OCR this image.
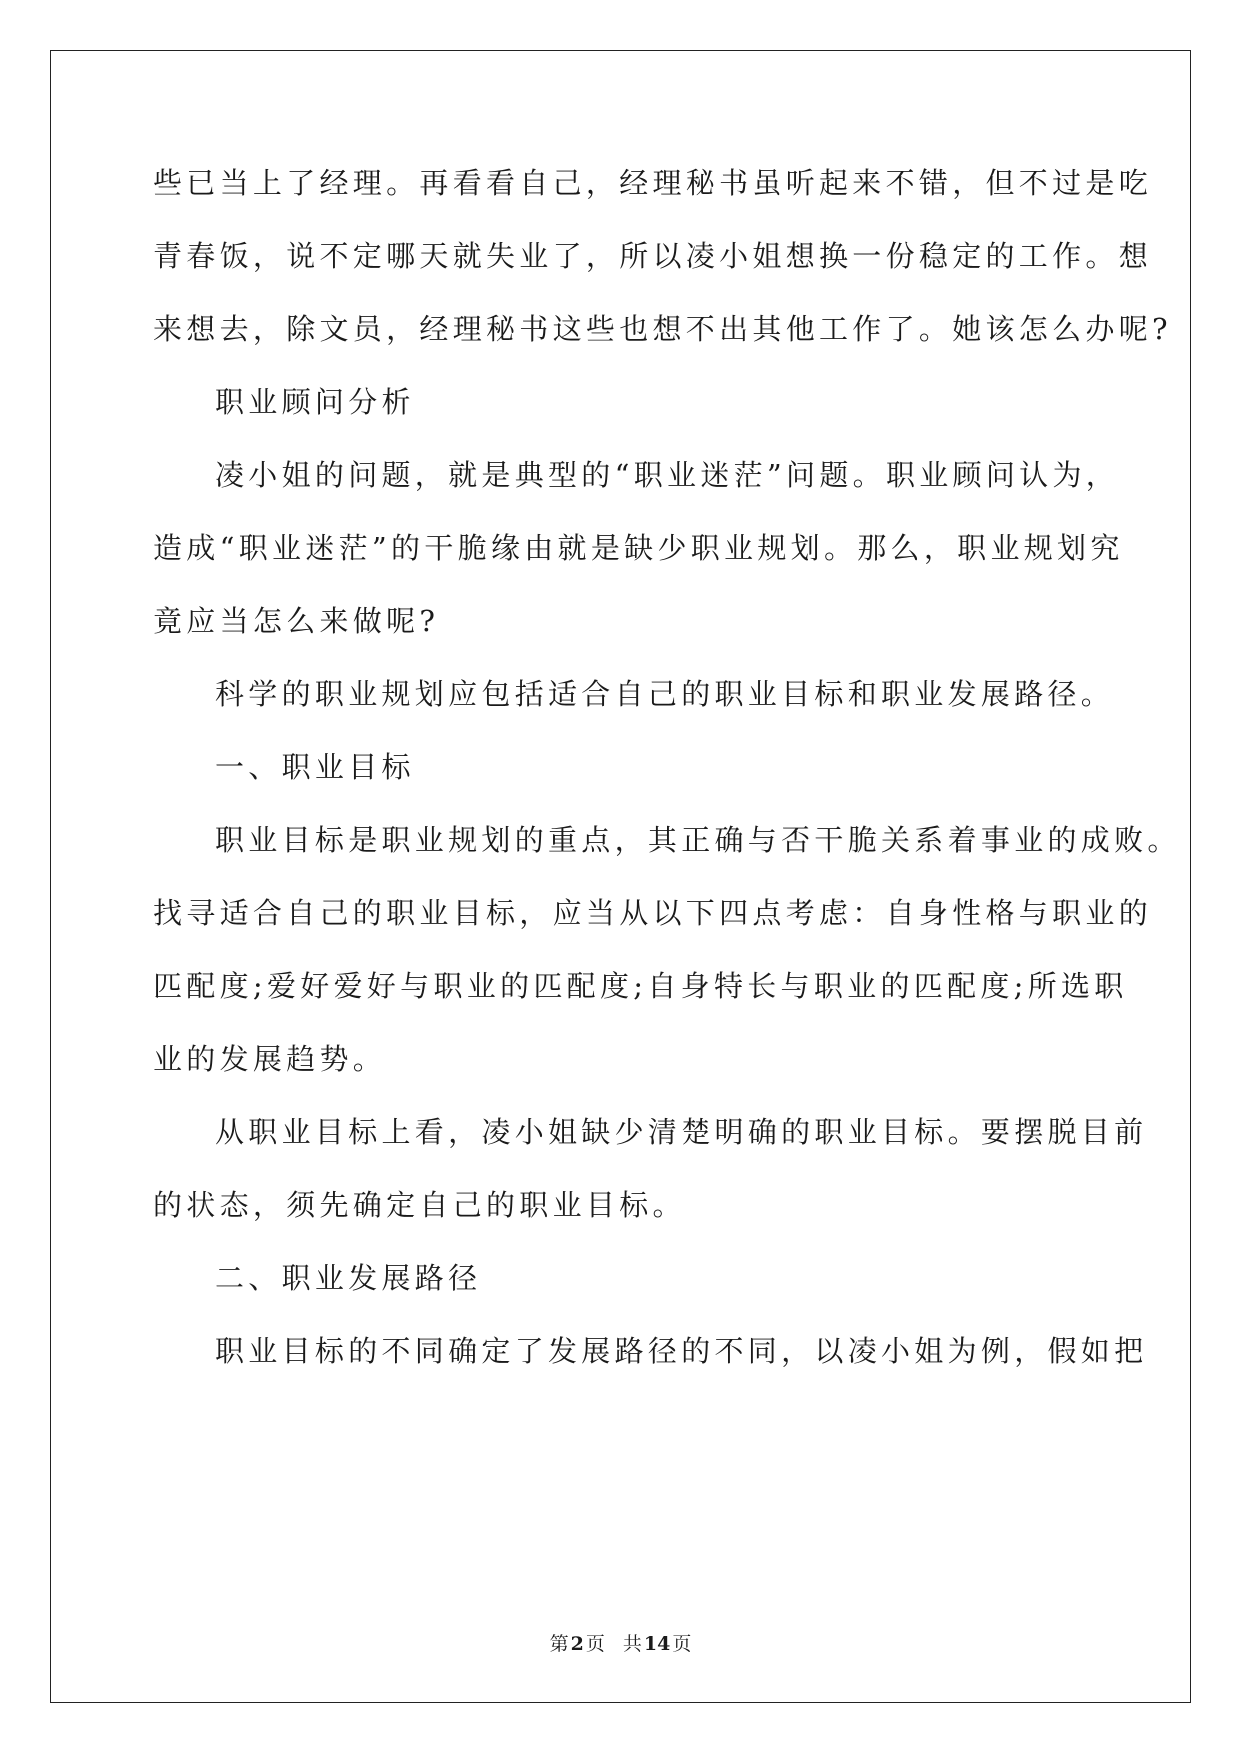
些已当上了经理。再看看自己，经理秘书虽听起来不错，但不过是吃
青春饭，说不定哪天就失业了，所以凌小姐想换一份稳定的工作。想
来想去，除文员，经理秘书这些也想不出其他工作了。她该怎么办呢?
职业顾问分析
凌小姐的问题，就是典型的“职业迷茫”问题。职业顾问认为，
造成“职业迷茫”的干脆缘由就是缺少职业规划。那么，职业规划究
竟应当怎么来做呢?
科学的职业规划应包括适合自己的职业目标和职业发展路径。
一、职业目标
职业目标是职业规划的重点，其正确与否干脆关系着事业的成败。
找寻适合自己的职业目标，应当从以下四点考虑：自身性格与职业的
匹配度;爱好爱好与职业的匹配度;自身特长与职业的匹配度;所选职
业的发展趋势。
从职业目标上看，凌小姐缺少清楚明确的职业目标。要摆脱目前
的状态，须先确定自己的职业目标。
二、职业发展路径
职业目标的不同确定了发展路径的不同，以凌小姐为例，假如把
第 2 页 共 14 页
